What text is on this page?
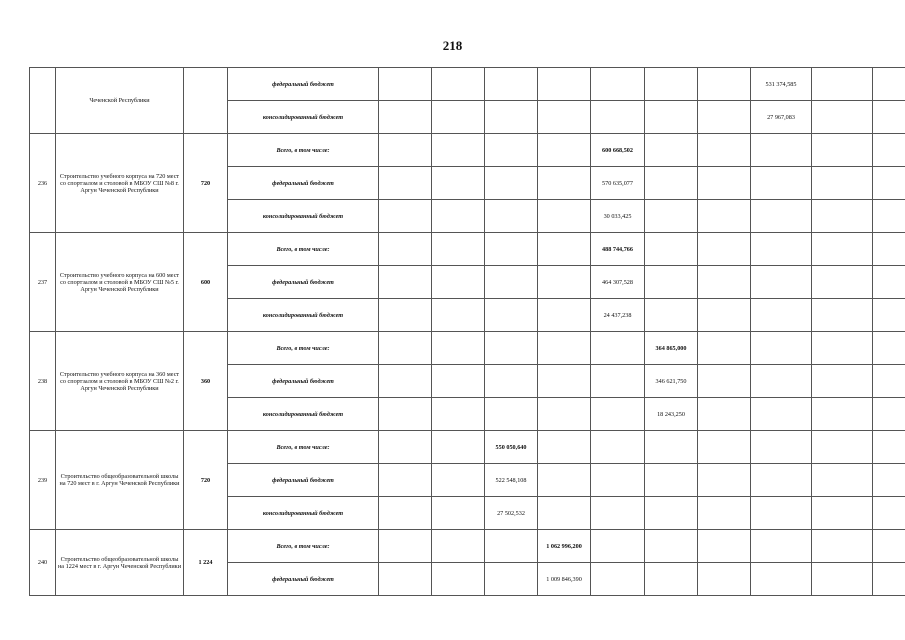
218
	Чеченской Республики		федеральный бюджет								531 374,585		
			консолидированный бюджет								27 967,083		
236	Строительство учебного корпуса на 720 мест со спортзалом и столовой в МБОУ СШ №8 г. Аргун Чеченской Республики	720	Всего, в том числе:					600 668,502					
			федеральный бюджет					570 635,077					
			консолидированный бюджет					30 033,425					
237	Строительство учебного корпуса на 600 мест со спортзалом и столовой в МБОУ СШ №5 г. Аргун Чеченской Республики	600	Всего, в том числе:					488 744,766					
			федеральный бюджет					464 307,528					
			консолидированный бюджет					24 437,238					
238	Строительство учебного корпуса на 360 мест со спортзалом и столовой в МБОУ СШ №2 г. Аргун Чеченской Республики	360	Всего, в том числе:						364 865,000				
			федеральный бюджет						346 621,750				
			консолидированный бюджет						18 243,250				
239	Строительство общеобразовательной школы на 720 мест в г. Аргун Чеченской Республики	720	Всего, в том числе:			550 050,640							
			федеральный бюджет			522 548,108							
			консолидированный бюджет			27 502,532							
240	Строительство общеобразовательной школы на 1224 мест в г. Аргун Чеченской Республики	1 224	Всего, в том числе:				1 062 996,200						
			федеральный бюджет				1 009 846,390						
